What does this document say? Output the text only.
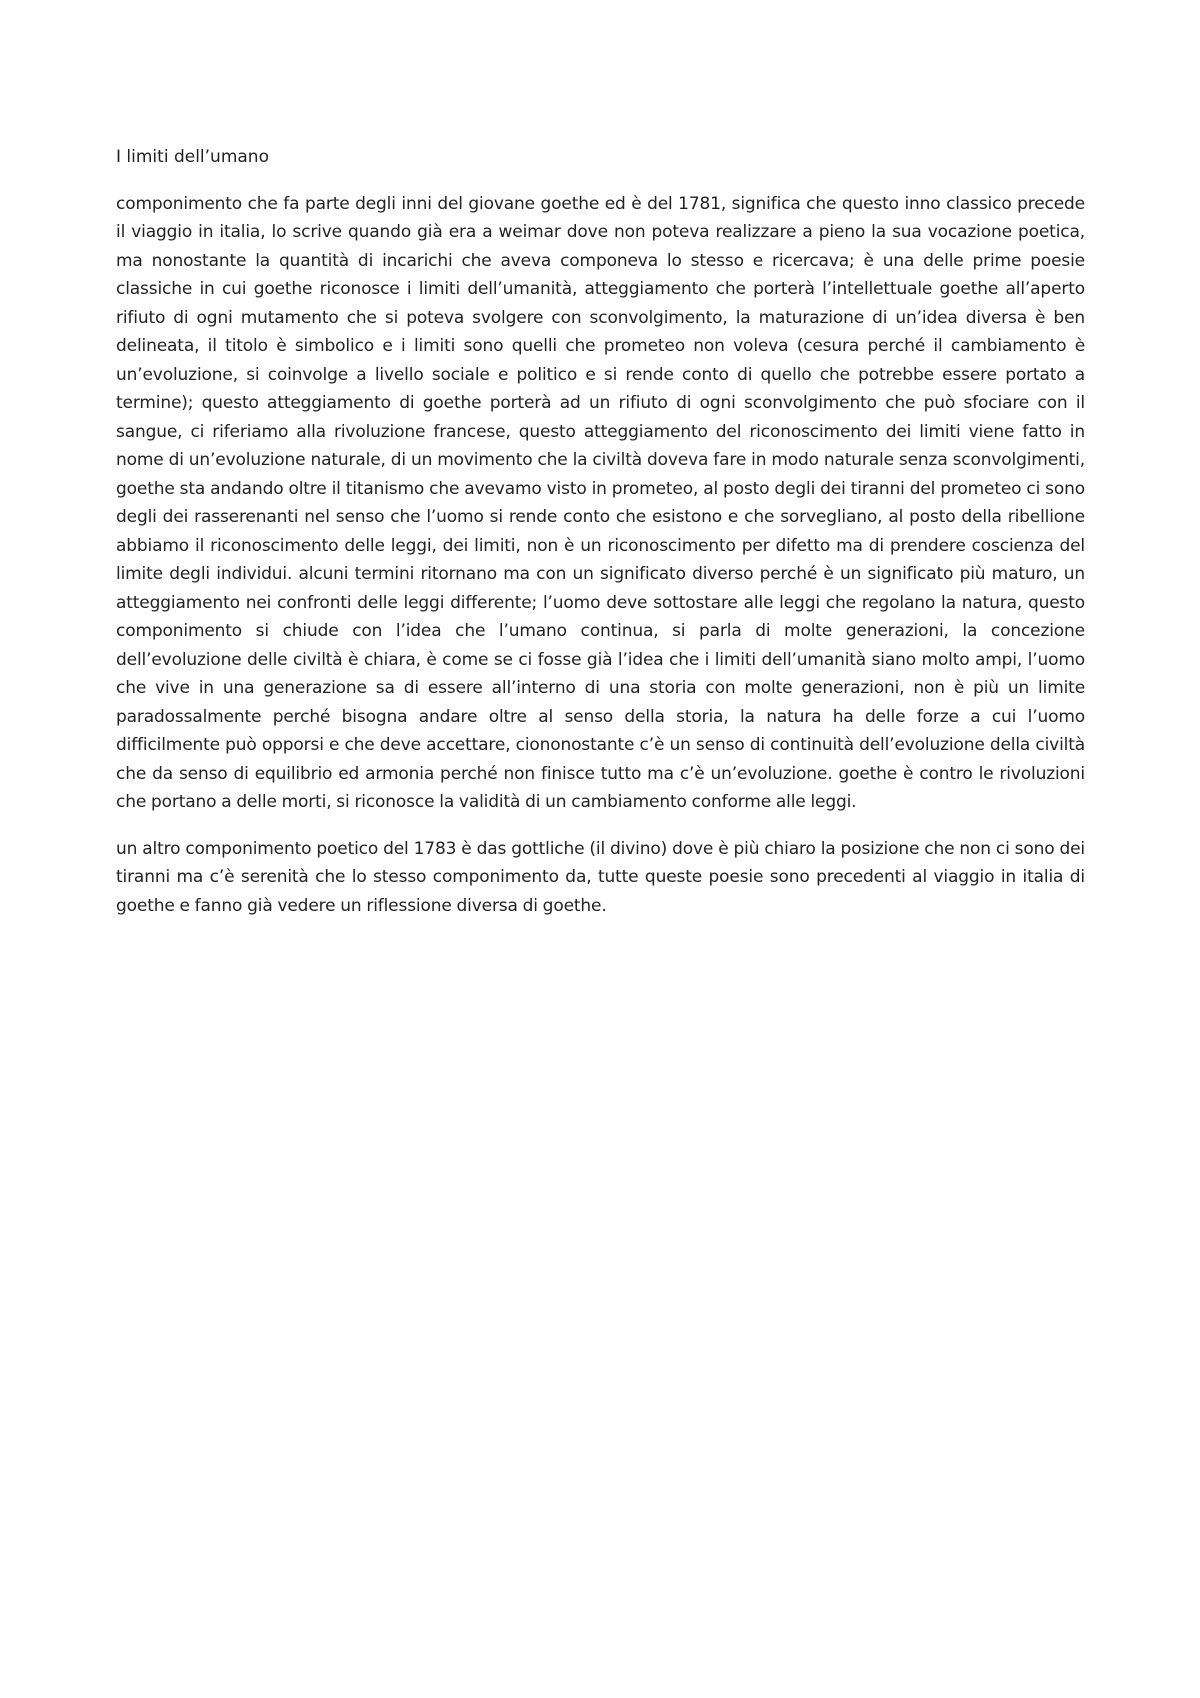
I limiti dell’umano

componimento che fa parte degli inni del giovane goethe ed è del 1781, significa che questo inno classico precede il viaggio in italia, lo scrive quando già era a weimar dove non poteva realizzare a pieno la sua vocazione poetica, ma nonostante la quantità di incarichi che aveva componeva lo stesso e ricercava; è una delle prime poesie classiche in cui goethe riconosce i limiti dell’umanità, atteggiamento che porterà l’intellettuale goethe all’aperto rifiuto di ogni mutamento che si poteva svolgere con sconvolgimento, la maturazione di un’idea diversa è ben delineata, il titolo è simbolico e i limiti sono quelli che prometeo non voleva (cesura perché il cambiamento è un’evoluzione, si coinvolge a livello sociale e politico e si rende conto di quello che potrebbe essere portato a termine); questo atteggiamento di goethe porterà ad un rifiuto di ogni sconvolgimento che può sfociare con il sangue, ci riferiamo alla rivoluzione francese, questo atteggiamento del riconoscimento dei limiti viene fatto in nome di un’evoluzione naturale, di un movimento che la civiltà doveva fare in modo naturale senza sconvolgimenti, goethe sta andando oltre il titanismo che avevamo visto in prometeo, al posto degli dei tiranni del prometeo ci sono degli dei rasserenanti nel senso che l’uomo si rende conto che esistono e che sorvegliano, al posto della ribellione abbiamo il riconoscimento delle leggi, dei limiti, non è un riconoscimento per difetto ma di prendere coscienza del limite degli individui. alcuni termini ritornano ma con un significato diverso perché è un significato più maturo, un atteggiamento nei confronti delle leggi differente; l’uomo deve sottostare alle leggi che regolano la natura, questo componimento si chiude con l’idea che l’umano continua, si parla di molte generazioni, la concezione dell’evoluzione delle civiltà è chiara, è come se ci fosse già l’idea che i limiti dell’umanità siano molto ampi, l’uomo che vive in una generazione sa di essere all’interno di una storia con molte generazioni, non è più un limite paradossalmente perché bisogna andare oltre al senso della storia, la natura ha delle forze a cui l’uomo difficilmente può opporsi e che deve accettare, ciononostante c’è un senso di continuità dell’evoluzione della civiltà che da senso di equilibrio ed armonia perché non finisce tutto ma c’è un’evoluzione. goethe è contro le rivoluzioni che portano a delle morti, si riconosce la validità di un cambiamento conforme alle leggi.

un altro componimento poetico del 1783 è das gottliche (il divino) dove è più chiaro la posizione che non ci sono dei tiranni ma c’è serenità che lo stesso componimento da, tutte queste poesie sono precedenti al viaggio in italia di goethe e fanno già vedere un riflessione diversa di goethe.
